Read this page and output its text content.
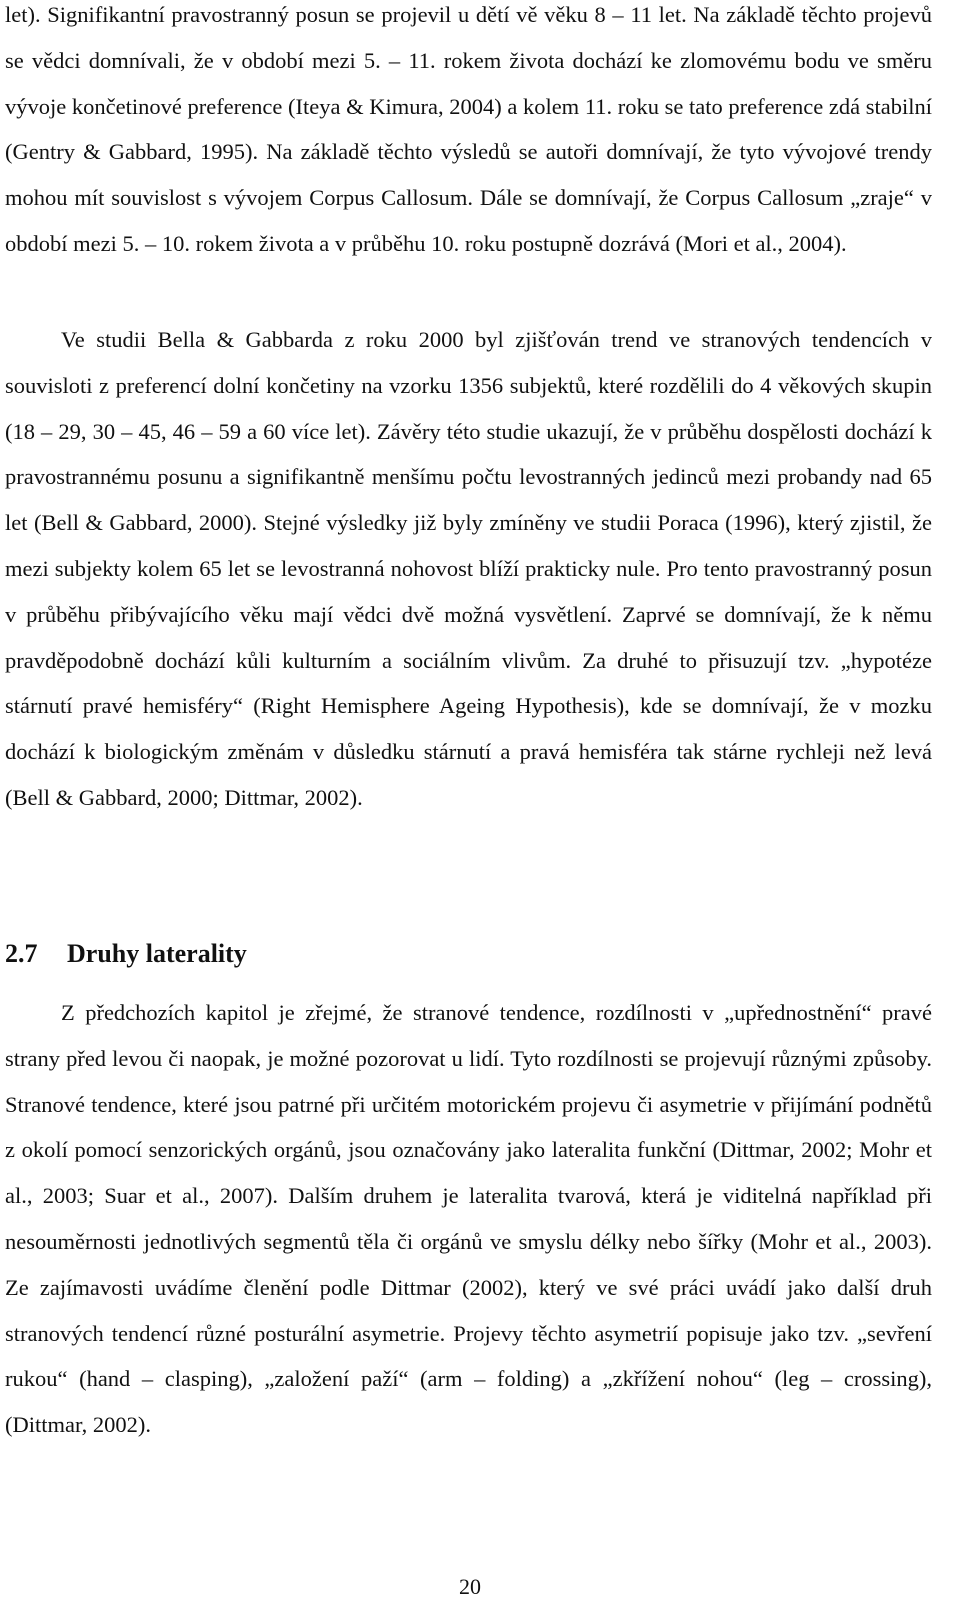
let). Signifikantní pravostranný posun se projevil u dětí vě věku 8 – 11 let. Na základě těchto projevů se vědci domnívali, že v období mezi 5. – 11. rokem života dochází ke zlomovému bodu ve směru vývoje končetinové preference (Iteya & Kimura, 2004) a kolem 11. roku se tato preference zdá stabilní (Gentry & Gabbard, 1995). Na základě těchto výsledů se autoři domnívají, že tyto vývojové trendy mohou mít souvislost s vývojem Corpus Callosum. Dále se domnívají, že Corpus Callosum „zraje“ v období mezi 5. – 10. rokem života a v průběhu 10. roku postupně dozrává (Mori et al., 2004).

Ve studii Bella & Gabbarda z roku 2000 byl zjišťován trend ve stranových tendencích v souvisloti z preferencí dolní končetiny na vzorku 1356 subjektů, které rozdělili do 4 věkových skupin (18 – 29, 30 – 45, 46 – 59 a 60 více let). Závěry této studie ukazují, že v průběhu dospělosti dochází k pravostrannému posunu a signifikantně menšímu počtu levostranných jedinců mezi probandy nad 65 let (Bell & Gabbard, 2000). Stejné výsledky již byly zmíněny ve studii Poraca (1996), který zjistil, že mezi subjekty kolem 65 let se levostranná nohovost blíží prakticky nule. Pro tento pravostranný posun v průběhu přibývajícího věku mají vědci dvě možná vysvětlení. Zaprvé se domnívají, že k němu pravděpodobně dochází kůli kulturním a sociálním vlivům. Za druhé to přisuzují tzv. „hypotéze stárnutí pravé hemisféry“ (Right Hemisphere Ageing Hypothesis), kde se domnívají, že v mozku dochází k biologickým změnám v důsledku stárnutí a pravá hemisféra tak stárne rychleji než levá (Bell & Gabbard, 2000; Dittmar, 2002).

2.7 Druhy laterality

Z předchozích kapitol je zřejmé, že stranové tendence, rozdílnosti v „upřednostnění“ pravé strany před levou či naopak, je možné pozorovat u lidí. Tyto rozdílnosti se projevují různými způsoby. Stranové tendence, které jsou patrné při určitém motorickém projevu či asymetrie v přijímání podnětů z okolí pomocí senzorických orgánů, jsou označovány jako lateralita funkční (Dittmar, 2002; Mohr et al., 2003; Suar et al., 2007). Dalším druhem je lateralita tvarová, která je viditelná například při nesouměrnosti jednotlivých segmentů těla či orgánů ve smyslu délky nebo šířky (Mohr et al., 2003). Ze zajímavosti uvádíme členění podle Dittmar (2002), který ve své práci uvádí jako další druh stranových tendencí různé posturální asymetrie. Projevy těchto asymetrií popisuje jako tzv. „sevření rukou“ (hand – clasping), „založení paží“ (arm – folding) a „zkřížení nohou“ (leg – crossing), (Dittmar, 2002).

20
